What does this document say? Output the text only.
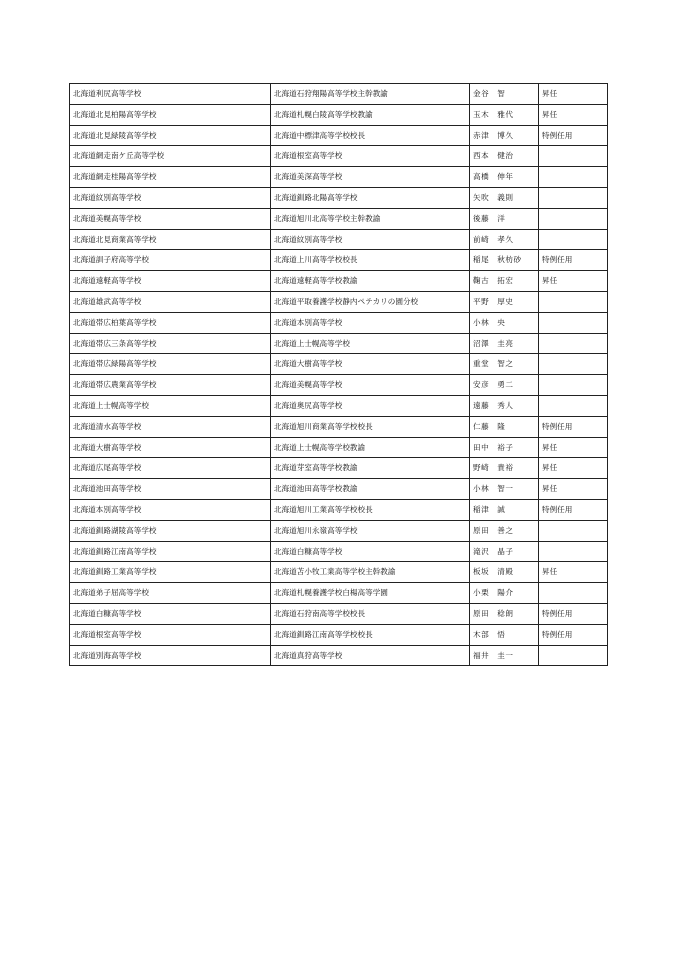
北海道利尻高等学校	北海道石狩翔陽高等学校主幹教諭	金谷　智	昇任
北海道北見柏陽高等学校	北海道札幌白陵高等学校教諭	玉木　雅代	昇任
北海道北見緑陵高等学校	北海道中標津高等学校校長	赤津　博久	特例任用
北海道網走南ケ丘高等学校	北海道根室高等学校	西本　健治	
北海道網走桂陽高等学校	北海道美深高等学校	高橋　伸年	
北海道紋別高等学校	北海道釧路北陽高等学校	矢吹　義則	
北海道美幌高等学校	北海道旭川北高等学校主幹教諭	後藤　洋	
北海道北見商業高等学校	北海道紋別高等学校	前崎　孝久	
北海道訓子府高等学校	北海道上川高等学校校長	稲尾　秋枋砂	特例任用
北海道遠軽高等学校	北海道遠軽高等学校教諭	鞠古　拓宏	昇任
北海道雄武高等学校	北海道平取養護学校静内ペテカリの園分校	平野　厚史	
北海道帯広柏葉高等学校	北海道本別高等学校	小林　央	
北海道帯広三条高等学校	北海道上士幌高等学校	沼澤　圭亮	
北海道帯広緑陽高等学校	北海道大樹高等学校	重堂　智之	
北海道帯広農業高等学校	北海道美幌高等学校	安彦　勇二	
北海道上士幌高等学校	北海道奥尻高等学校	遠藤　秀人	
北海道清水高等学校	北海道旭川商業高等学校校長	仁藤　隆	特例任用
北海道大樹高等学校	北海道上士幌高等学校教諭	田中　裕子	昇任
北海道広尾高等学校	北海道芽室高等学校教諭	野崎　貴裕	昇任
北海道池田高等学校	北海道池田高等学校教諭	小林　智一	昇任
北海道本別高等学校	北海道旭川工業高等学校校長	稲津　誠	特例任用
北海道釧路湖陵高等学校	北海道旭川永嶺高等学校	原田　善之	
北海道釧路江南高等学校	北海道白糠高等学校	滝沢　晶子	
北海道釧路工業高等学校	北海道苫小牧工業高等学校主幹教諭	板坂　清殿	昇任
北海道弟子屈高等学校	北海道札幌養護学校白楊高等学園	小栗　陽介	
北海道白糠高等学校	北海道石狩南高等学校校長	原田　稔朗	特例任用
北海道根室高等学校	北海道釧路江南高等学校校長	木部　悟	特例任用
北海道別海高等学校	北海道真狩高等学校	福井　圭一	
